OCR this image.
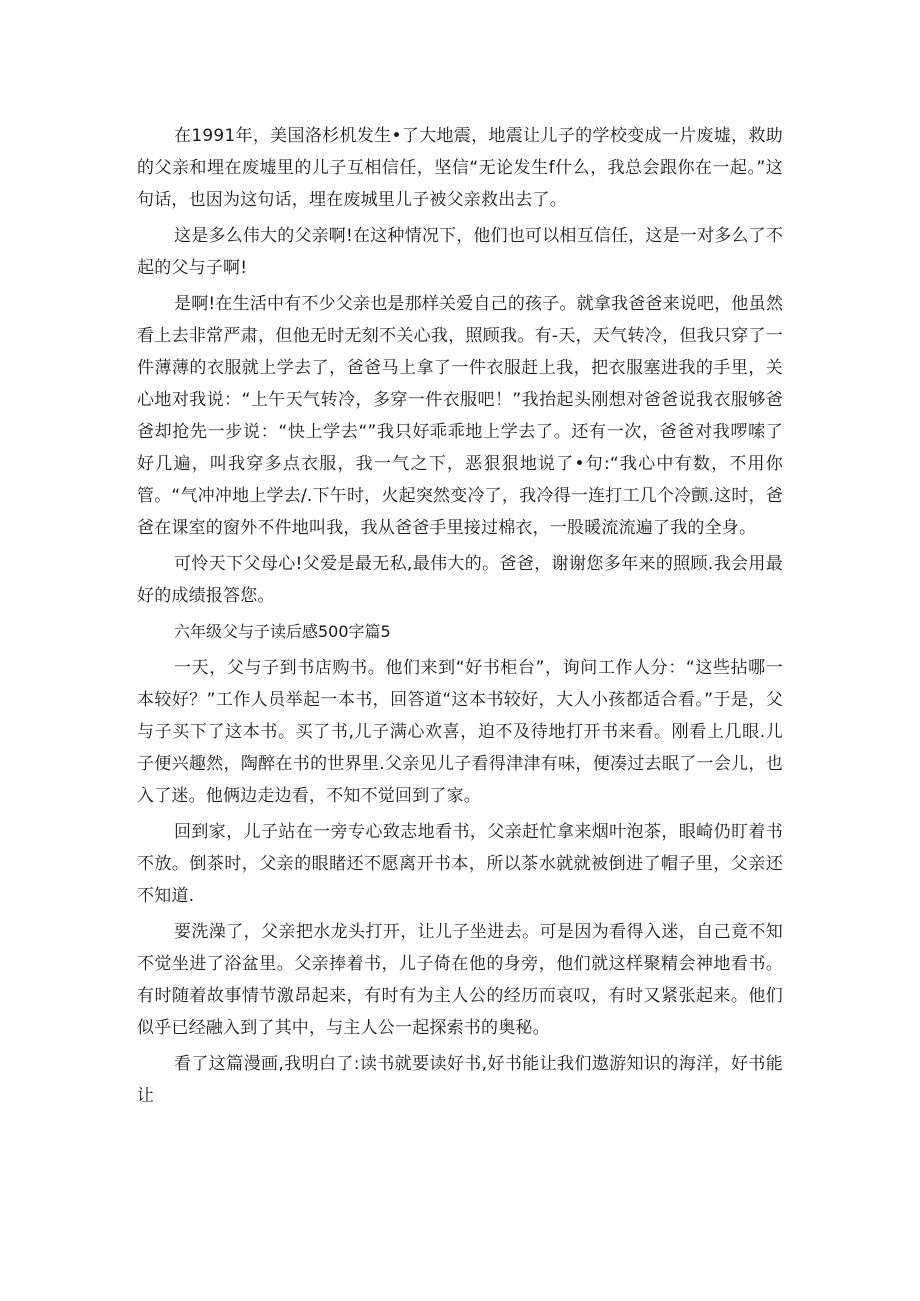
在1991年，美国洛杉机发生•了大地震，地震让儿子的学校变成一片废墟，救助的父亲和埋在废墟里的儿子互相信任，坚信“无论发生f什么，我总会跟你在一起。”这句话，也因为这句话，埋在废城里儿子被父亲救出去了。

这是多么伟大的父亲啊!在这种情况下，他们也可以相互信任，这是一对多么了不起的父与子啊!

是啊!在生活中有不少父亲也是那样关爱自己的孩子。就拿我爸爸来说吧，他虽然看上去非常严肃，但他无时无刻不关心我，照顾我。有-天，天气转冷，但我只穿了一件薄薄的衣服就上学去了，爸爸马上拿了一件衣服赶上我，把衣服塞进我的手里，关心地对我说：“上午天气转冷，多穿一件衣服吧！”我抬起头刚想对爸爸说我衣服够爸爸却抢先一步说：“快上学去“”我只好乖乖地上学去了。还有一次，爸爸对我啰嗦了好几遍，叫我穿多点衣服，我一气之下，恶狠狠地说了•句:“我心中有数，不用你管。“气冲冲地上学去/.下午时，火起突然变冷了，我冷得一连打工几个冷颤.这时，爸爸在课室的窗外不件地叫我，我从爸爸手里接过棉衣，一股暖流流遍了我的全身。

可怜天下父母心!父爱是最无私,最伟大的。爸爸，谢谢您多年来的照顾.我会用最好的成绩报答您。

六年级父与子读后感500字篇5

一天，父与子到书店购书。他们来到“好书柜台”，询问工作人分：“这些拈哪一本较好？”工作人员举起一本书，回答道“这本书较好，大人小孩都适合看。”于是，父与子买下了这本书。买了书,儿子满心欢喜，迫不及待地打开书来看。刚看上几眼.儿子便兴趣然，陶醉在书的世界里.父亲见儿子看得津津有味，便凑过去眠了一会儿，也入了迷。他俩边走边看，不知不觉回到了家。

回到家，儿子站在一旁专心致志地看书，父亲赶忙拿来烟叶泡茶，眼崎仍盯着书不放。倒茶时，父亲的眼睹还不愿离开书本，所以茶水就就被倒进了帽子里，父亲还不知道.

要洗澡了，父亲把水龙头打开，让儿子坐进去。可是因为看得入迷，自己竟不知不觉坐进了浴盆里。父亲捧着书，儿子倚在他的身旁，他们就这样聚精会神地看书。有时随着故事情节激昂起来，有时有为主人公的经历而哀叹，有时又紧张起来。他们似乎已经融入到了其中，与主人公一起探索书的奥秘。

看了这篇漫画,我明白了:读书就要读好书,好书能让我们遨游知识的海洋，好书能让
